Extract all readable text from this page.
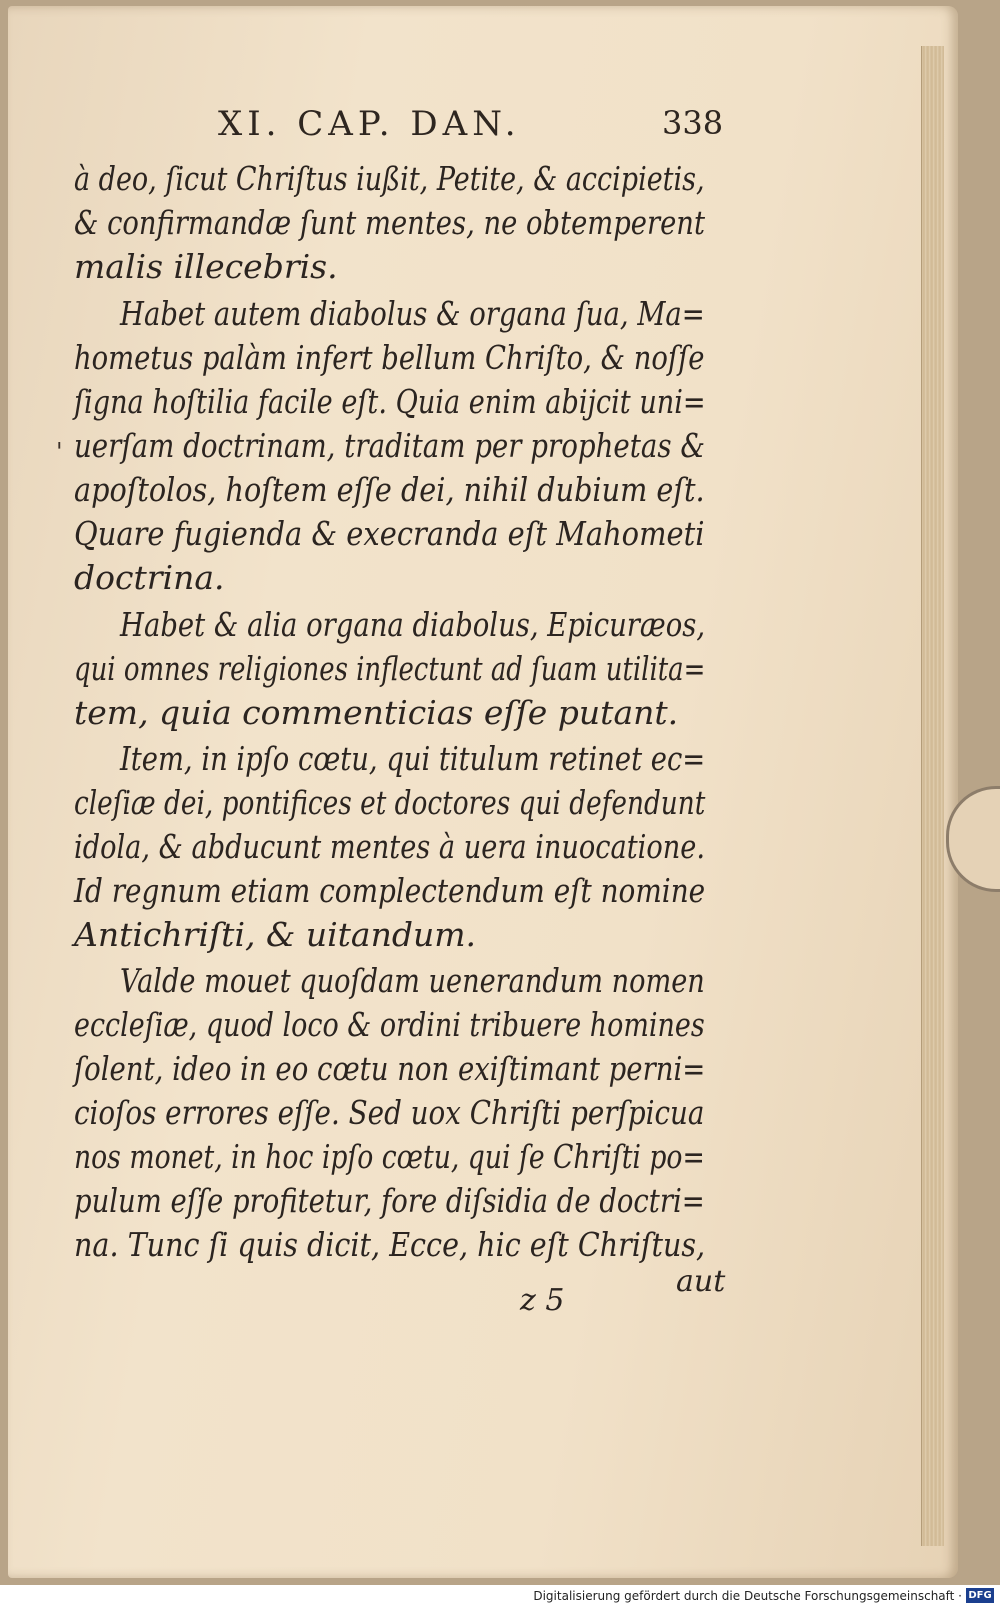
XI. CAP. DAN.	338
'
à deo, ſicut Chriſtus iußit, Petite, & accipietis,
& confirmandæ ſunt mentes, ne obtemperent
malis illecebris.
Habet autem diabolus & organa ſua, Ma=
hometus palàm infert bellum Chriſto, & noſſe
ſigna hoſtilia facile eſt. Quia enim abijcit uni=
uerſam doctrinam, traditam per prophetas &
apoſtolos, hoſtem eſſe dei, nihil dubium eſt.
Quare fugienda & execranda eſt Mahometi
doctrina.
Habet & alia organa diabolus, Epicuræos,
qui omnes religiones inflectunt ad ſuam utilita=
tem, quia commenticias eſſe putant.
Item, in ipſo cœtu, qui titulum retinet ec=
cleſiæ dei, pontifices et doctores qui defendunt
idola, & abducunt mentes à uera inuocatione.
Id regnum etiam complectendum eſt nomine
Antichriſti, & uitandum.
Valde mouet quoſdam uenerandum nomen
eccleſiæ, quod loco & ordini tribuere homines
ſolent, ideo in eo cœtu non exiſtimant perni=
cioſos errores eſſe. Sed uox Chriſti perſpicua
nos monet, in hoc ipſo cœtu, qui ſe Chriſti po=
pulum eſſe profitetur, fore diſsidia de doctri=
na. Tunc ſi quis dicit, Ecce, hic eſt Chriſtus,
aut
z 5
Digitalisierung gefördert durch die Deutsche Forschungsgemeinschaft · DFG
